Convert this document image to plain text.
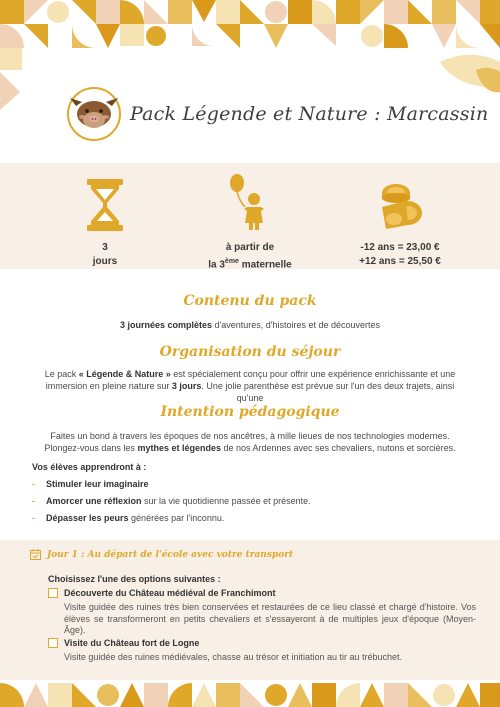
Pack Légende et Nature : Marcassin
3
jours
à partir de
la 3ème maternelle
-12 ans = 23,00 €
+12 ans = 25,50 €
Contenu du pack
3 journées complètes d'aventures, d'histoires et de découvertes
Organisation du séjour
Le pack « Légende & Nature » est spécialement conçu pour offrir une expérience enrichissante et une immersion en pleine nature sur 3 jours. Une jolie parenthèse est prévue sur l'un des deux trajets, ainsi qu'une
Intention pédagogique
Faites un bond à travers les époques de nos ancêtres, à mille lieues de nos technologies modernes. Plongez-vous dans les mythes et légendes de nos Ardennes avec ses chevaliers, nutons et sorcières.
Vos élèves apprendront à :
- Stimuler leur imaginaire
- Amorcer une réflexion sur la vie quotidienne passée et présente.
- Dépasser les peurs générées par l'inconnu.
Jour 1 : Au départ de l'école avec votre transport
Choisissez l'une des options suivantes :
Découverte du Château médiéval de Franchimont
Visite guidée des ruines très bien conservées et restaurées de ce lieu classé et chargé d'histoire. Vos élèves se transformeront en petits chevaliers et s'essayeront à de multiples jeux d'époque (Moyen-Âge).
Visite du Château fort de Logne
Visite guidée des ruines médiévales, chasse au trésor et initiation au tir au trébuchet.
